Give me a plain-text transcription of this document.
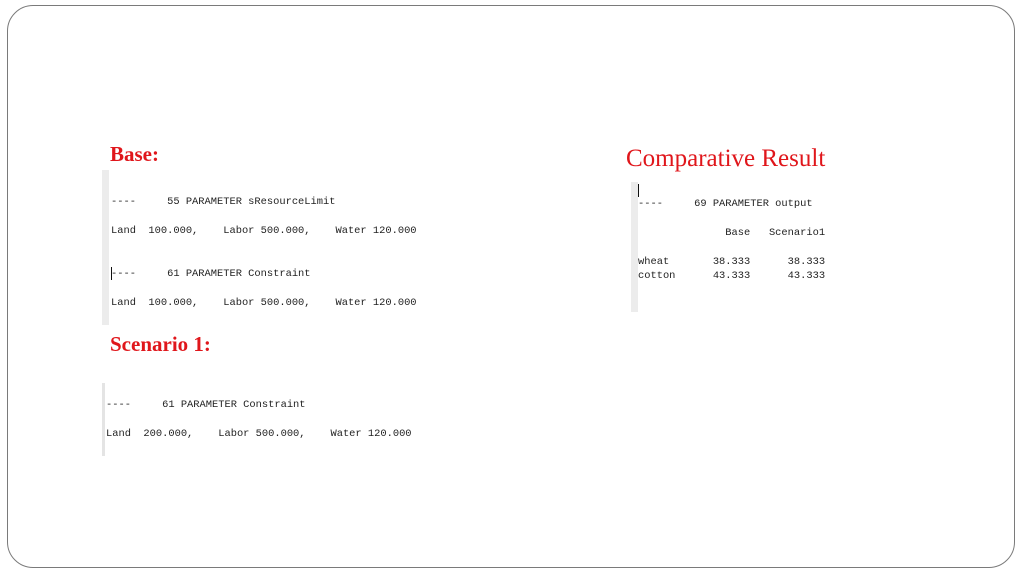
Base:
----     55 PARAMETER sResourceLimit
Land  100.000,    Labor 500.000,    Water 120.000
----     61 PARAMETER Constraint
Land  100.000,    Labor 500.000,    Water 120.000
Scenario 1:
----     61 PARAMETER Constraint
Land  200.000,    Labor 500.000,    Water 120.000
Comparative Result
----     69 PARAMETER output
Base   Scenario1
wheat       38.333      38.333
cotton      43.333      43.333
